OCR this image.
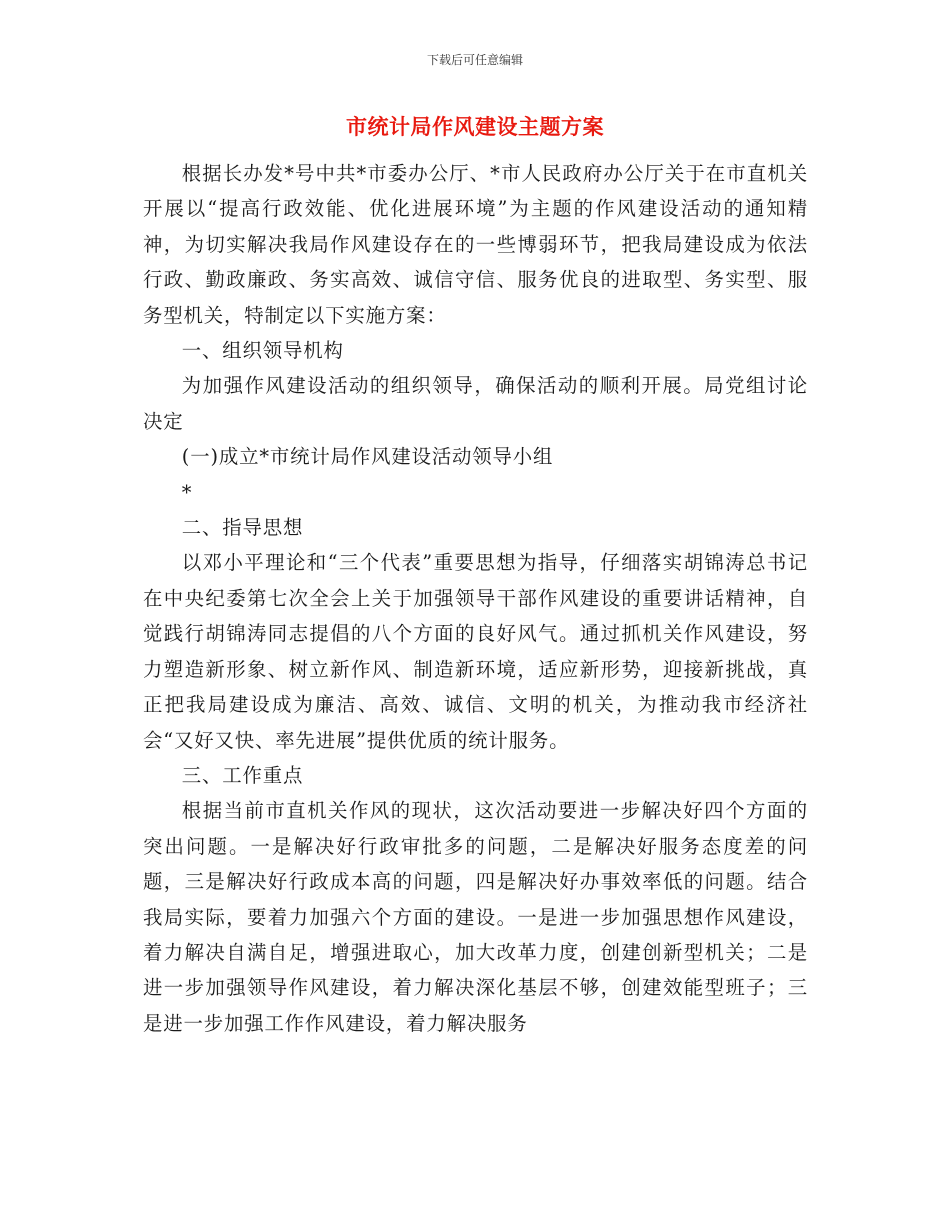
下载后可任意编辑
市统计局作风建设主题方案

根据长办发*号中共*市委办公厅、*市人民政府办公厅关于在市直机关开展以“提高行政效能、优化进展环境”为主题的作风建设活动的通知精神，为切实解决我局作风建设存在的一些博弱环节，把我局建设成为依法行政、勤政廉政、务实高效、诚信守信、服务优良的进取型、务实型、服务型机关，特制定以下实施方案：

一、组织领导机构

为加强作风建设活动的组织领导，确保活动的顺利开展。局党组讨论决定

(一)成立*市统计局作风建设活动领导小组

*

二、指导思想

以邓小平理论和“三个代表”重要思想为指导，仔细落实胡锦涛总书记在中央纪委第七次全会上关于加强领导干部作风建设的重要讲话精神，自觉践行胡锦涛同志提倡的八个方面的良好风气。通过抓机关作风建设，努力塑造新形象、树立新作风、制造新环境，适应新形势，迎接新挑战，真正把我局建设成为廉洁、高效、诚信、文明的机关，为推动我市经济社会“又好又快、率先进展”提供优质的统计服务。

三、工作重点

根据当前市直机关作风的现状，这次活动要进一步解决好四个方面的突出问题。一是解决好行政审批多的问题，二是解决好服务态度差的问题，三是解决好行政成本高的问题，四是解决好办事效率低的问题。结合我局实际，要着力加强六个方面的建设。一是进一步加强思想作风建设，着力解决自满自足，增强进取心，加大改革力度，创建创新型机关；二是进一步加强领导作风建设，着力解决深化基层不够，创建效能型班子；三是进一步加强工作作风建设，着力解决服务
